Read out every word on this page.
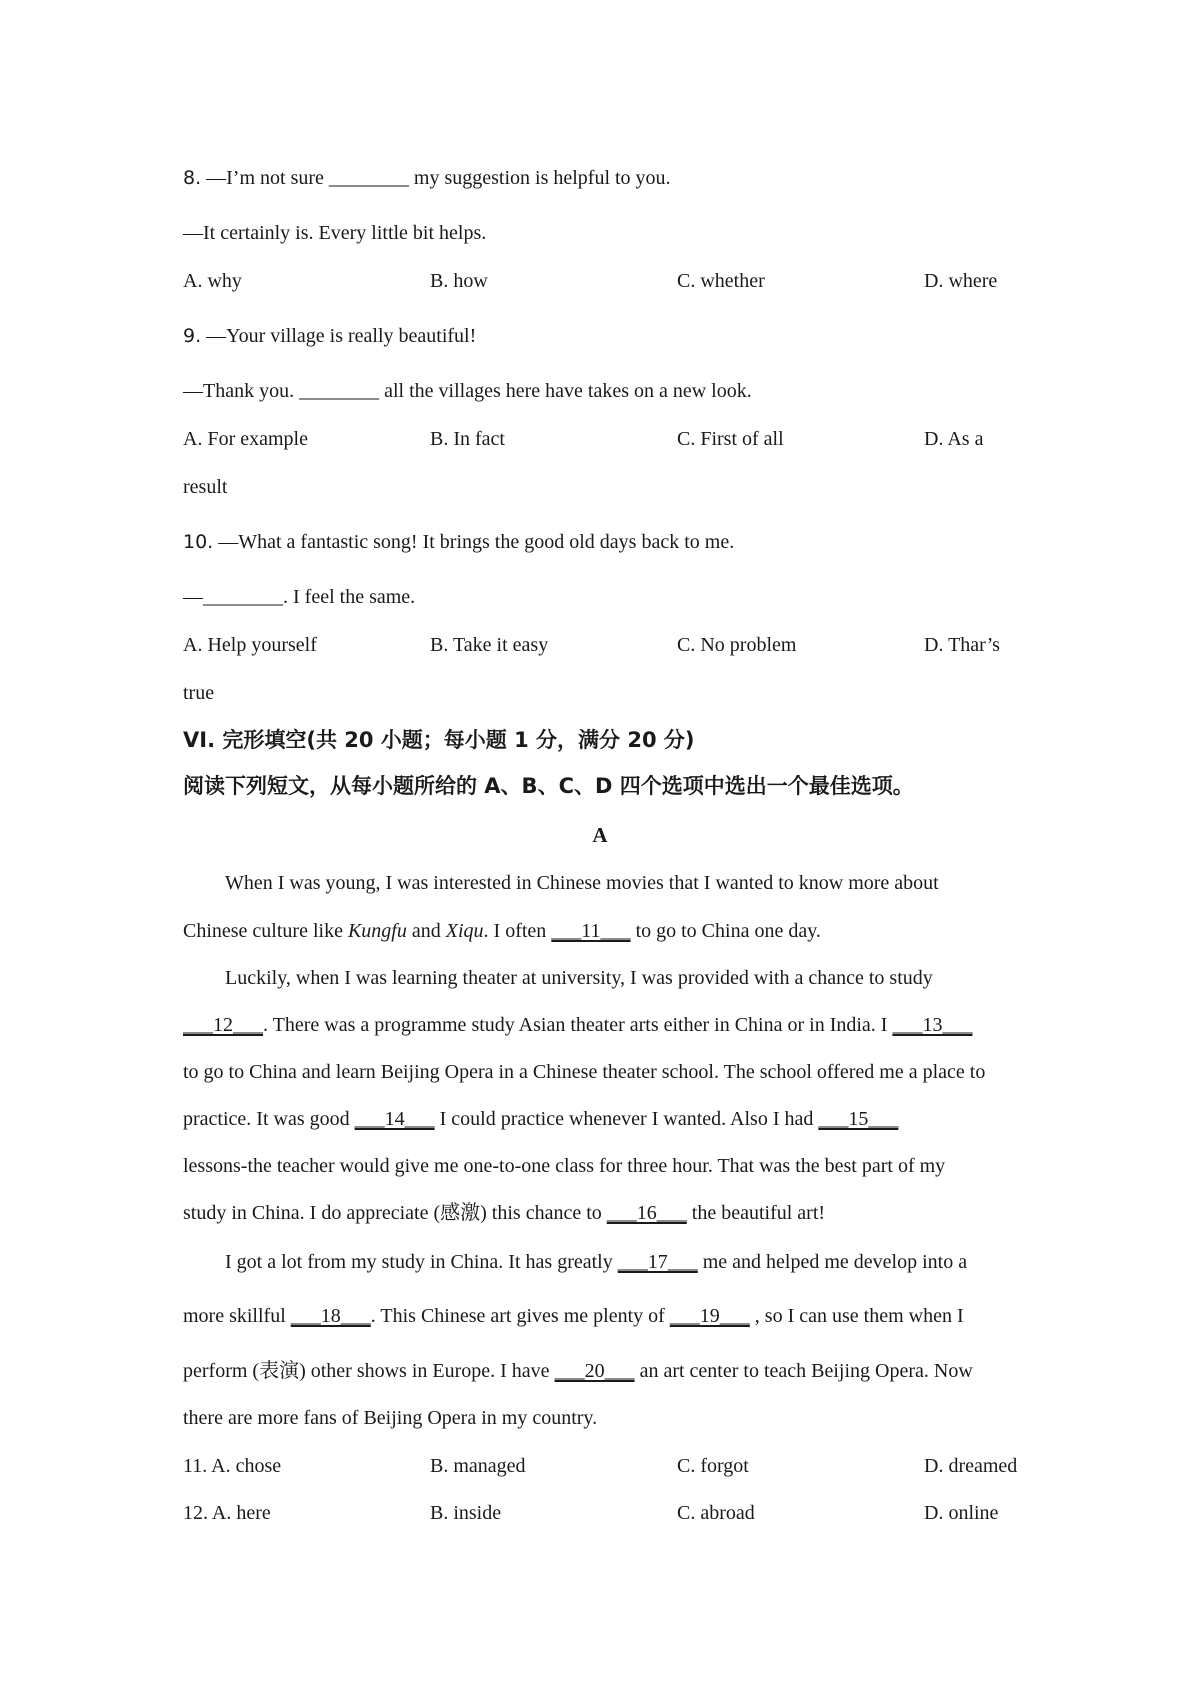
8. —I’m not sure ________ my suggestion is helpful to you.
—It certainly is. Every little bit helps.
A. why	B. how	C. whether	D. where
9. —Your village is really beautiful!
—Thank you. ________ all the villages here have takes on a new look.
A. For example	B. In fact	C. First of all	D. As a
result
10. —What a fantastic song! It brings the good old days back to me.
—________. I feel the same.
A. Help yourself	B. Take it easy	C. No problem	D. Thar’s
true
VI. 完形填空(共 20 小题；每小题 1 分，满分 20 分)
阅读下列短文，从每小题所给的 A、B、C、D 四个选项中选出一个最佳选项。
A
When I was young, I was interested in Chinese movies that I wanted to know more about
Chinese culture like Kungfu and Xiqu. I often ___11___ to go to China one day.
Luckily, when I was learning theater at university, I was provided with a chance to study
___12___. There was a programme study Asian theater arts either in China or in India. I ___13___
to go to China and learn Beijing Opera in a Chinese theater school. The school offered me a place to
practice. It was good ___14___ I could practice whenever I wanted. Also I had ___15___
lessons-the teacher would give me one-to-one class for three hour. That was the best part of my
study in China. I do appreciate (感激) this chance to ___16___ the beautiful art!
I got a lot from my study in China. It has greatly ___17___ me and helped me develop into a
more skillful ___18___. This Chinese art gives me plenty of ___19___ , so I can use them when I
perform (表演) other shows in Europe. I have ___20___ an art center to teach Beijing Opera. Now
there are more fans of Beijing Opera in my country.
11. A. chose	B. managed	C. forgot	D. dreamed
12. A. here	B. inside	C. abroad	D. online
